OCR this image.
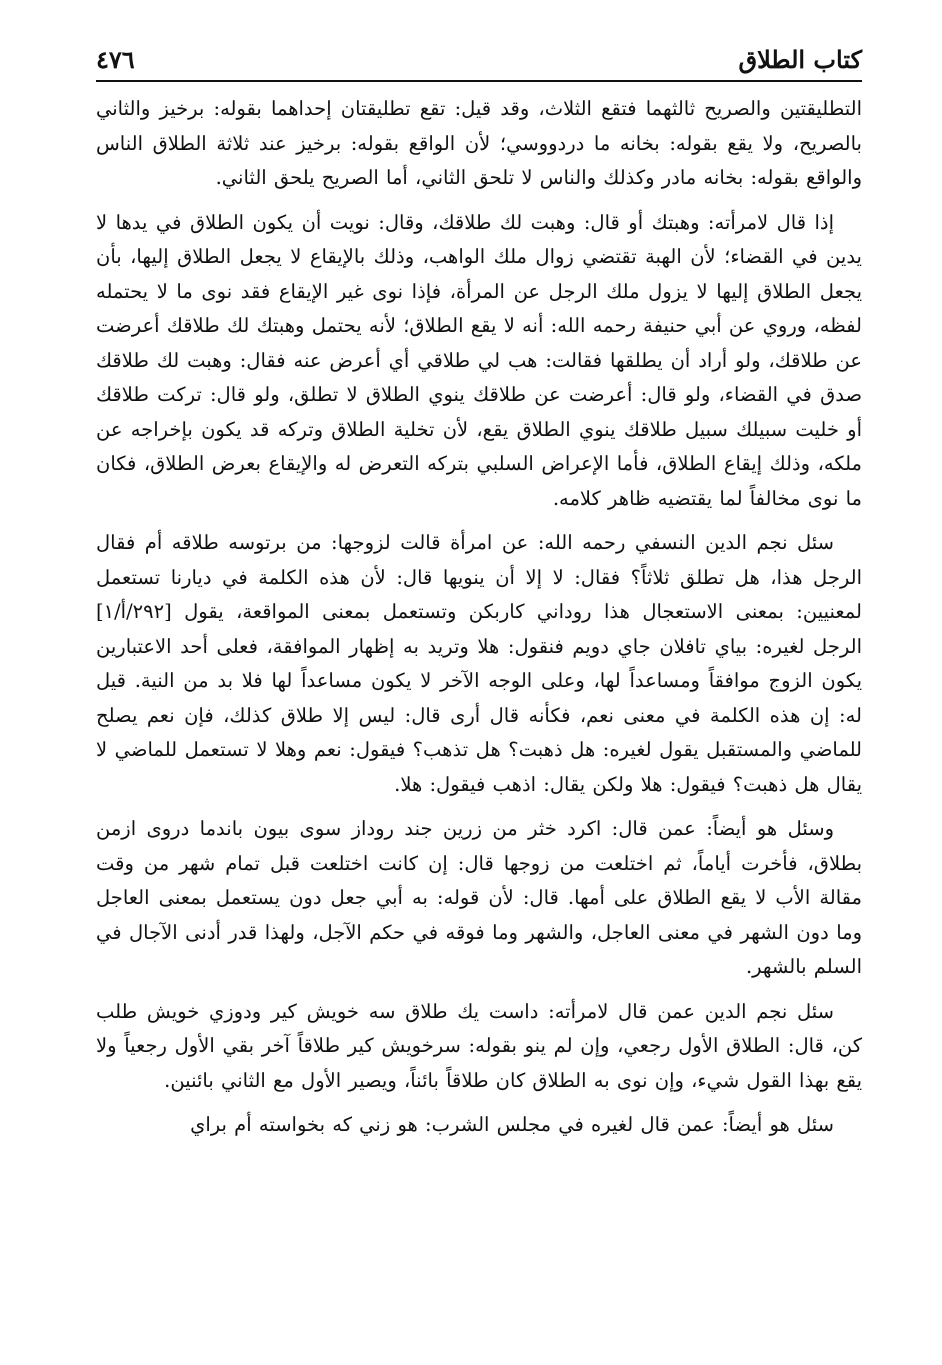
كتاب الطلاق
٤٧٦

التطليقتين والصريح ثالثهما فتقع الثلاث، وقد قيل: تقع تطليقتان إحداهما بقوله: برخيز والثاني بالصريح، ولا يقع بقوله: بخانه ما دردووسي؛ لأن الواقع بقوله: برخيز عند ثلاثة الطلاق الناس والواقع بقوله: بخانه مادر وكذلك والناس لا تلحق الثاني، أما الصريح يلحق الثاني.

إذا قال لامرأته: وهبتك أو قال: وهبت لك طلاقك، وقال: نويت أن يكون الطلاق في يدها لا يدين في القضاء؛ لأن الهبة تقتضي زوال ملك الواهب، وذلك بالإيقاع لا يجعل الطلاق إليها، بأن يجعل الطلاق إليها لا يزول ملك الرجل عن المرأة، فإذا نوى غير الإيقاع فقد نوى ما لا يحتمله لفظه، وروي عن أبي حنيفة رحمه الله: أنه لا يقع الطلاق؛ لأنه يحتمل وهبتك لك طلاقك أعرضت عن طلاقك، ولو أراد أن يطلقها فقالت: هب لي طلاقي أي أعرض عنه فقال: وهبت لك طلاقك صدق في القضاء، ولو قال: أعرضت عن طلاقك ينوي الطلاق لا تطلق، ولو قال: تركت طلاقك أو خليت سبيلك سبيل طلاقك ينوي الطلاق يقع، لأن تخلية الطلاق وتركه قد يكون بإخراجه عن ملكه، وذلك إيقاع الطلاق، فأما الإعراض السلبي بتركه التعرض له والإيقاع بعرض الطلاق، فكان ما نوى مخالفاً لما يقتضيه ظاهر كلامه.

سئل نجم الدين النسفي رحمه الله: عن امرأة قالت لزوجها: من برتوسه طلاقه أم فقال الرجل هذا، هل تطلق ثلاثاً؟ فقال: لا إلا أن ينويها قال: لأن هذه الكلمة في ديارنا تستعمل لمعنيين: بمعنى الاستعجال هذا روداني كاربكن وتستعمل بمعنى المواقعة، يقول [٢٩٢/أ/١] الرجل لغيره: بياي تافلان جاي دويم فنقول: هلا وتريد به إظهار الموافقة، فعلى أحد الاعتبارين يكون الزوج موافقاً ومساعداً لها، وعلى الوجه الآخر لا يكون مساعداً لها فلا بد من النية. قيل له: إن هذه الكلمة في معنى نعم، فكأنه قال أرى قال: ليس إلا طلاق كذلك، فإن نعم يصلح للماضي والمستقبل يقول لغيره: هل ذهبت؟ هل تذهب؟ فيقول: نعم وهلا لا تستعمل للماضي لا يقال هل ذهبت؟ فيقول: هلا ولكن يقال: اذهب فيقول: هلا.

وسئل هو أيضاً: عمن قال: اكرد خثر من زرين جند روداز سوى بيون باندما دروى ازمن بطلاق، فأخرت أياماً، ثم اختلعت من زوجها قال: إن كانت اختلعت قبل تمام شهر من وقت مقالة الأب لا يقع الطلاق على أمها. قال: لأن قوله: به أبي جعل دون يستعمل بمعنى العاجل وما دون الشهر في معنى العاجل، والشهر وما فوقه في حكم الآجل، ولهذا قدر أدنى الآجال في السلم بالشهر.

سئل نجم الدين عمن قال لامرأته: داست يك طلاق سه خويش كير ودوزي خويش طلب كن، قال: الطلاق الأول رجعي، وإن لم ينو بقوله: سرخويش كير طلاقاً آخر بقي الأول رجعياً ولا يقع بهذا القول شيء، وإن نوى به الطلاق كان طلاقاً بائناً، ويصير الأول مع الثاني بائنين.

سئل هو أيضاً: عمن قال لغيره في مجلس الشرب: هو زني كه بخواسته أم براي
